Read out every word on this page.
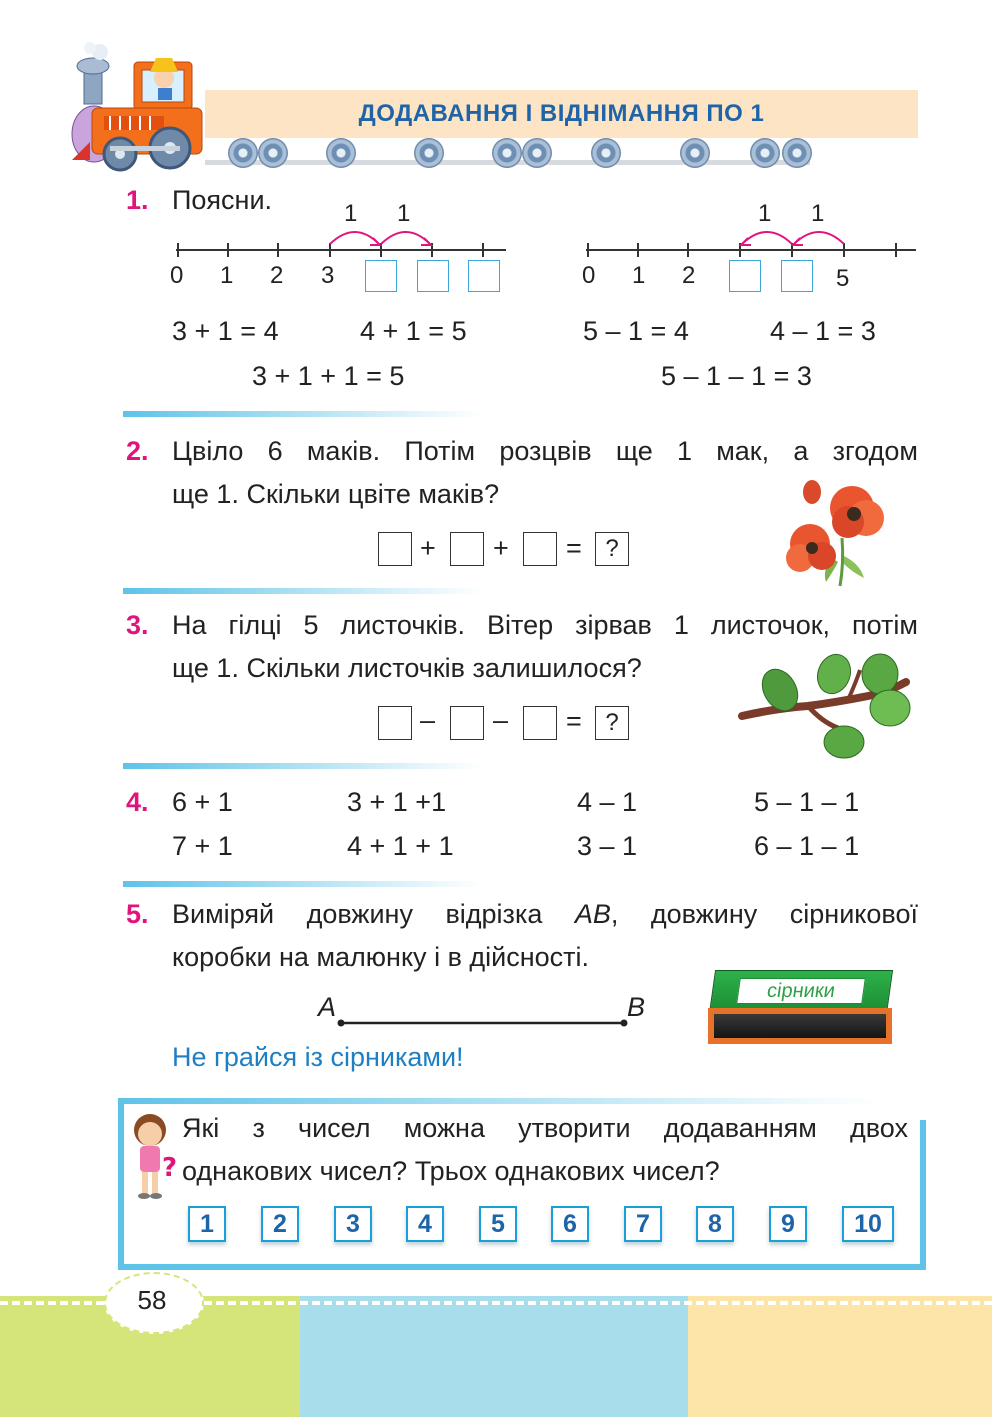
ДОДАВАННЯ І ВІДНІМАННЯ ПО 1
1. Поясни.	1 1
0 1 2 3
1 1
0 1 2	5
3 + 1 = 4	4 + 1 = 5
3 + 1 + 1 = 5
5 – 1 = 4	4 – 1 = 3
5 – 1 – 1 = 3
2. Цвіло 6 маків. Потім розцвів ще 1 мак, а згодом
ще 1. Скільки цвіте маків?
+ + = ?
3. На гілці 5 листочків. Вітер зірвав 1 листочок, потім
ще 1. Скільки листочків залишилося?
– – = ?
4. 6 + 1	3 + 1 +1	4 – 1	5 – 1 – 1
7 + 1	4 + 1 + 1	3 – 1	6 – 1 – 1
5. Виміряй довжину відрізка AB, довжину сірникової
коробки на малюнку і в дійсності.
A	B
сірники
Не грайся із сірниками!
?
Які з чисел можна утворити додаванням двох
однакових чисел? Трьох однакових чисел?
1	2	3	4	5	6	7	8	9	10
58
